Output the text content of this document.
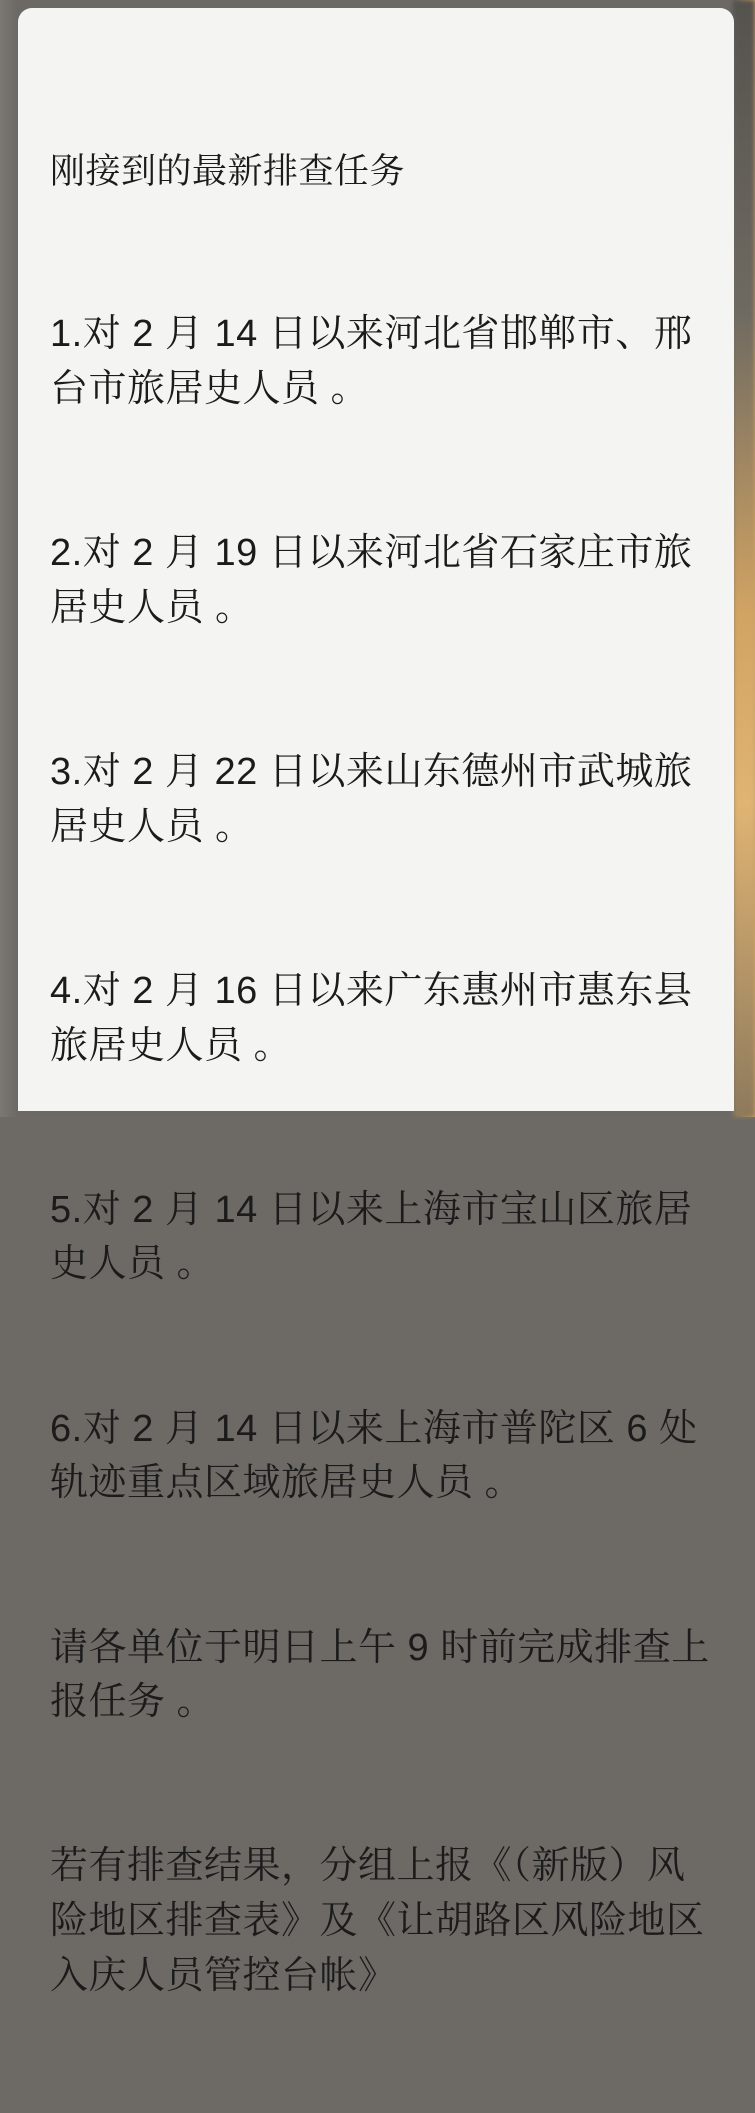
刚接到的最新排查任务

1.对 2 月 14 日以来河北省邯郸市、邢台市旅居史人员 。

2.对 2 月 19 日以来河北省石家庄市旅居史人员 。

3.对 2 月 22 日以来山东德州市武城旅居史人员 。

4.对 2 月 16 日以来广东惠州市惠东县旅居史人员 。

5.对 2 月 14 日以来上海市宝山区旅居史人员 。

6.对 2 月 14 日以来上海市普陀区 6 处轨迹重点区域旅居史人员 。

请各单位于明日上午 9 时前完成排查上报任务 。

若有排查结果，分组上报《（新版）风险地区排查表》及《让胡路区风险地区入庆人员管控台帐》
